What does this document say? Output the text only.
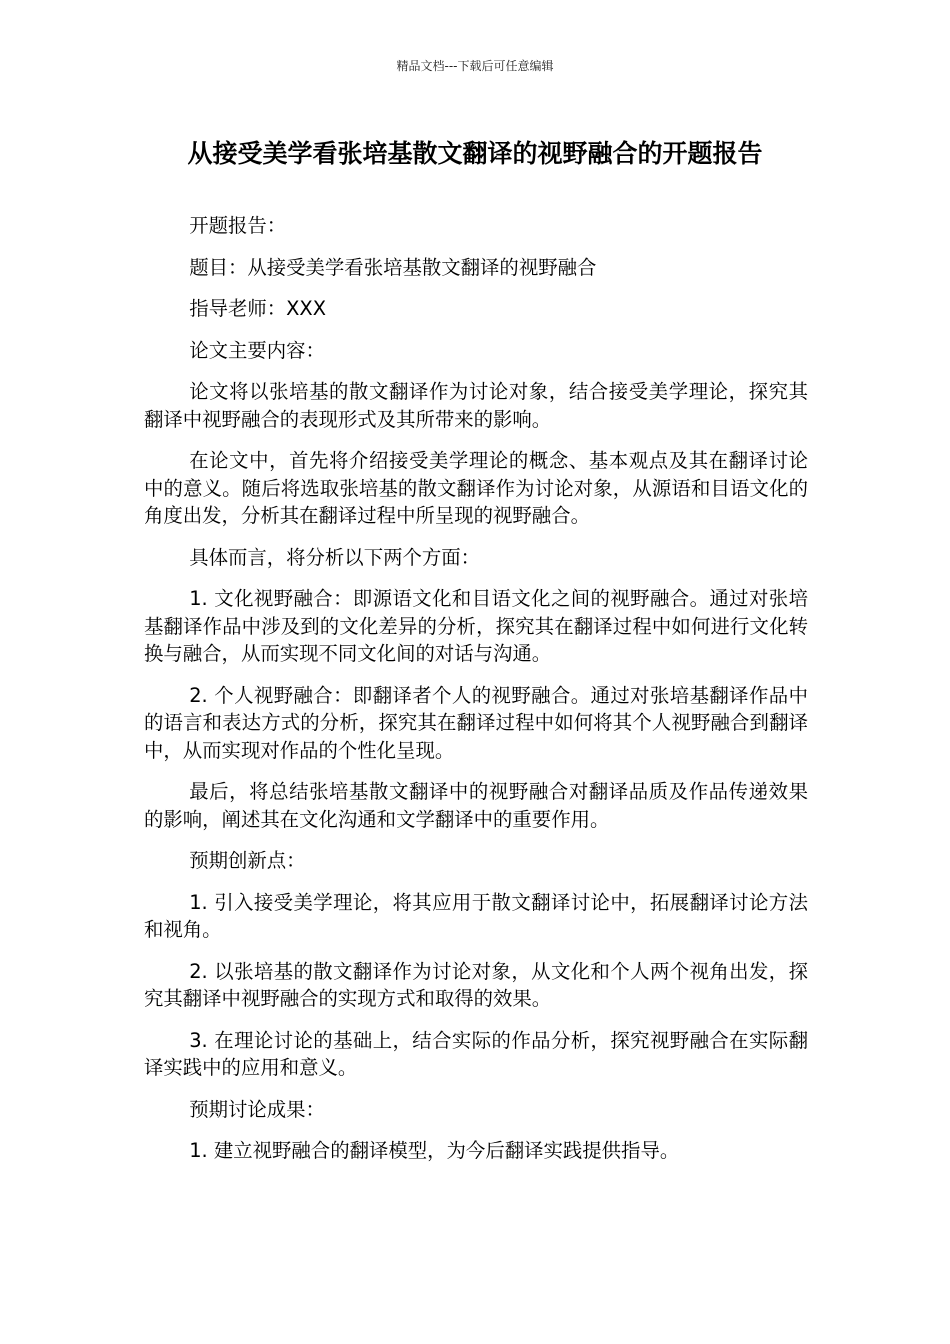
精品文档---下载后可任意编辑
从接受美学看张培基散文翻译的视野融合的开题报告

开题报告：

题目：从接受美学看张培基散文翻译的视野融合

指导老师：XXX

论文主要内容：

论文将以张培基的散文翻译作为讨论对象，结合接受美学理论，探究其翻译中视野融合的表现形式及其所带来的影响。

在论文中，首先将介绍接受美学理论的概念、基本观点及其在翻译讨论中的意义。随后将选取张培基的散文翻译作为讨论对象，从源语和目语文化的角度出发，分析其在翻译过程中所呈现的视野融合。

具体而言，将分析以下两个方面：

1. 文化视野融合：即源语文化和目语文化之间的视野融合。通过对张培基翻译作品中涉及到的文化差异的分析，探究其在翻译过程中如何进行文化转换与融合，从而实现不同文化间的对话与沟通。

2. 个人视野融合：即翻译者个人的视野融合。通过对张培基翻译作品中的语言和表达方式的分析，探究其在翻译过程中如何将其个人视野融合到翻译中，从而实现对作品的个性化呈现。

最后，将总结张培基散文翻译中的视野融合对翻译品质及作品传递效果的影响，阐述其在文化沟通和文学翻译中的重要作用。

预期创新点：

1. 引入接受美学理论，将其应用于散文翻译讨论中，拓展翻译讨论方法和视角。

2. 以张培基的散文翻译作为讨论对象，从文化和个人两个视角出发，探究其翻译中视野融合的实现方式和取得的效果。

3. 在理论讨论的基础上，结合实际的作品分析，探究视野融合在实际翻译实践中的应用和意义。

预期讨论成果：

1. 建立视野融合的翻译模型，为今后翻译实践提供指导。
